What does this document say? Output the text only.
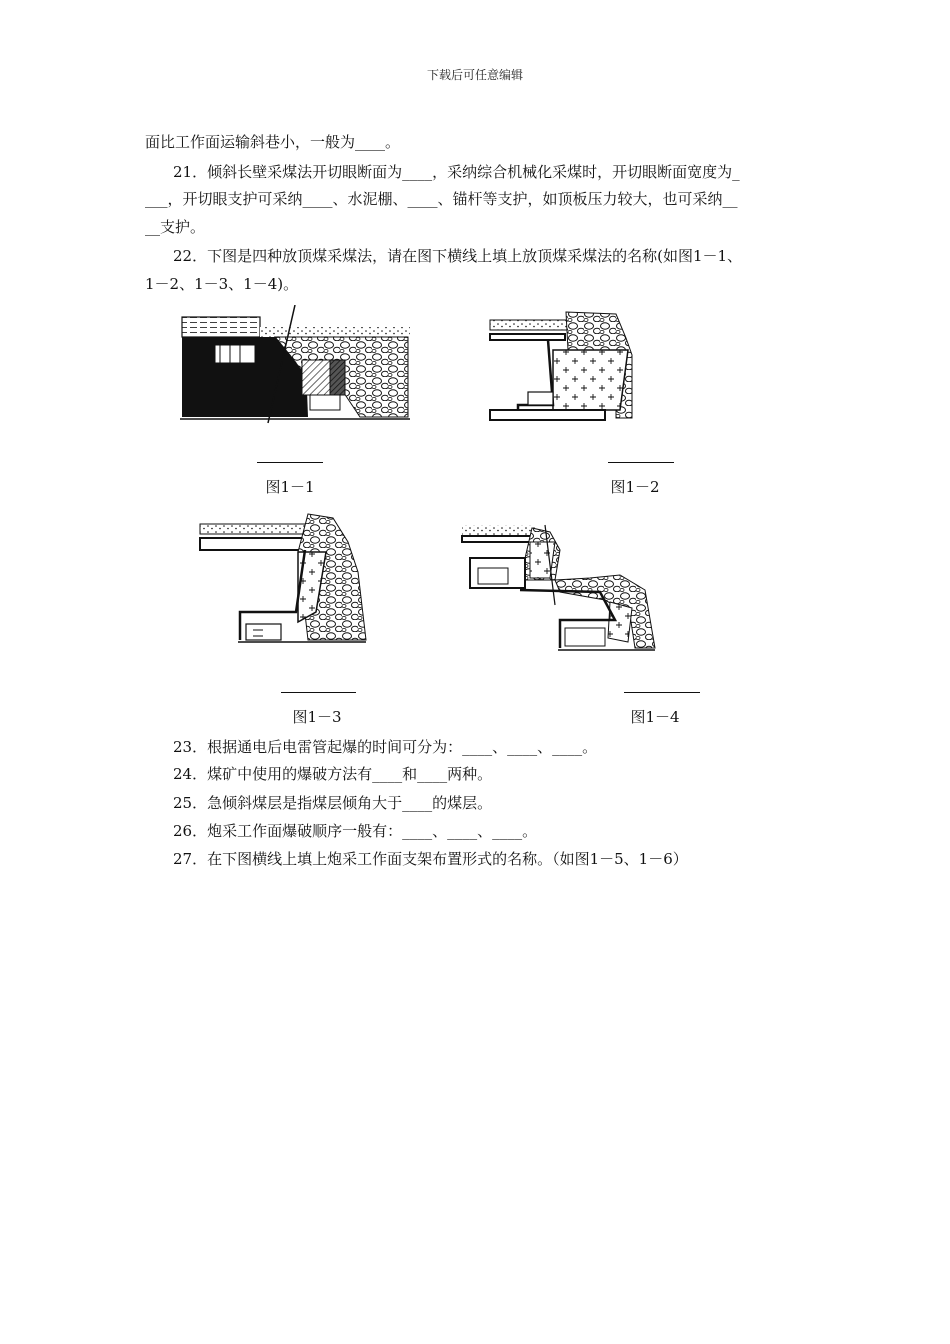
下载后可任意编辑
面比工作面运输斜巷小，一般为____。
21．倾斜长壁采煤法开切眼断面为____，采纳综合机械化采煤时，开切眼断面宽度为_
___，开切眼支护可采纳____、水泥棚、____、锚杆等支护，如顶板压力较大，也可采纳__
__支护。
22．下图是四种放顶煤采煤法，请在图下横线上填上放顶煤采煤法的名称(如图1－1、
1－2、1－3、1－4)。
图1－1	图1－2
图1－3	图1－4
23．根据通电后电雷管起爆的时间可分为：____、____、____。
24．煤矿中使用的爆破方法有____和____两种。
25．急倾斜煤层是指煤层倾角大于____的煤层。
26．炮采工作面爆破顺序一般有：____、____、____。
27．在下图横线上填上炮采工作面支架布置形式的名称。（如图1－5、1－6）
